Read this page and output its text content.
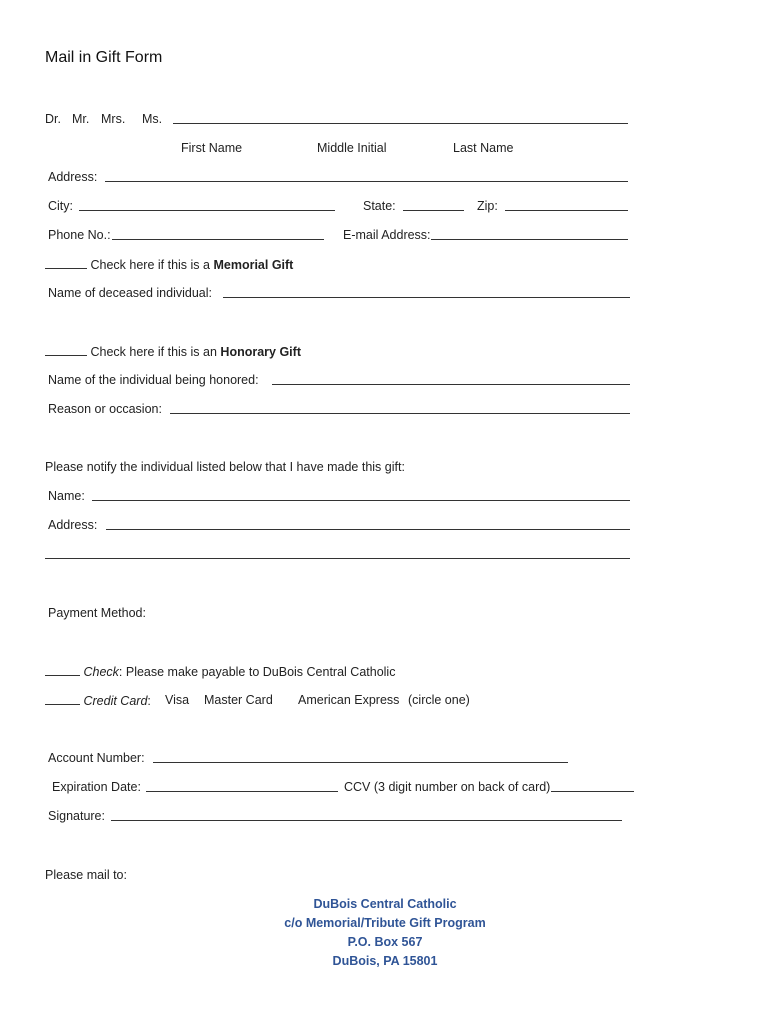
Mail in Gift Form
Dr. Mr. Mrs. Ms.
First Name	Middle Initial	Last Name
Address:
City:	State:	Zip:
Phone No.:	E-mail Address:
Check here if this is a Memorial Gift
Name of deceased individual:
Check here if this is an Honorary Gift
Name of the individual being honored:
Reason or occasion:
Please notify the individual listed below that I have made this gift:
Name:
Address:
Payment Method:
Check: Please make payable to DuBois Central Catholic
Credit Card: Visa Master Card American Express (circle one)
Account Number:
Expiration Date:	CCV (3 digit number on back of card)
Signature:
Please mail to:
DuBois Central Catholic
c/o Memorial/Tribute Gift Program
P.O. Box 567
DuBois, PA 15801
